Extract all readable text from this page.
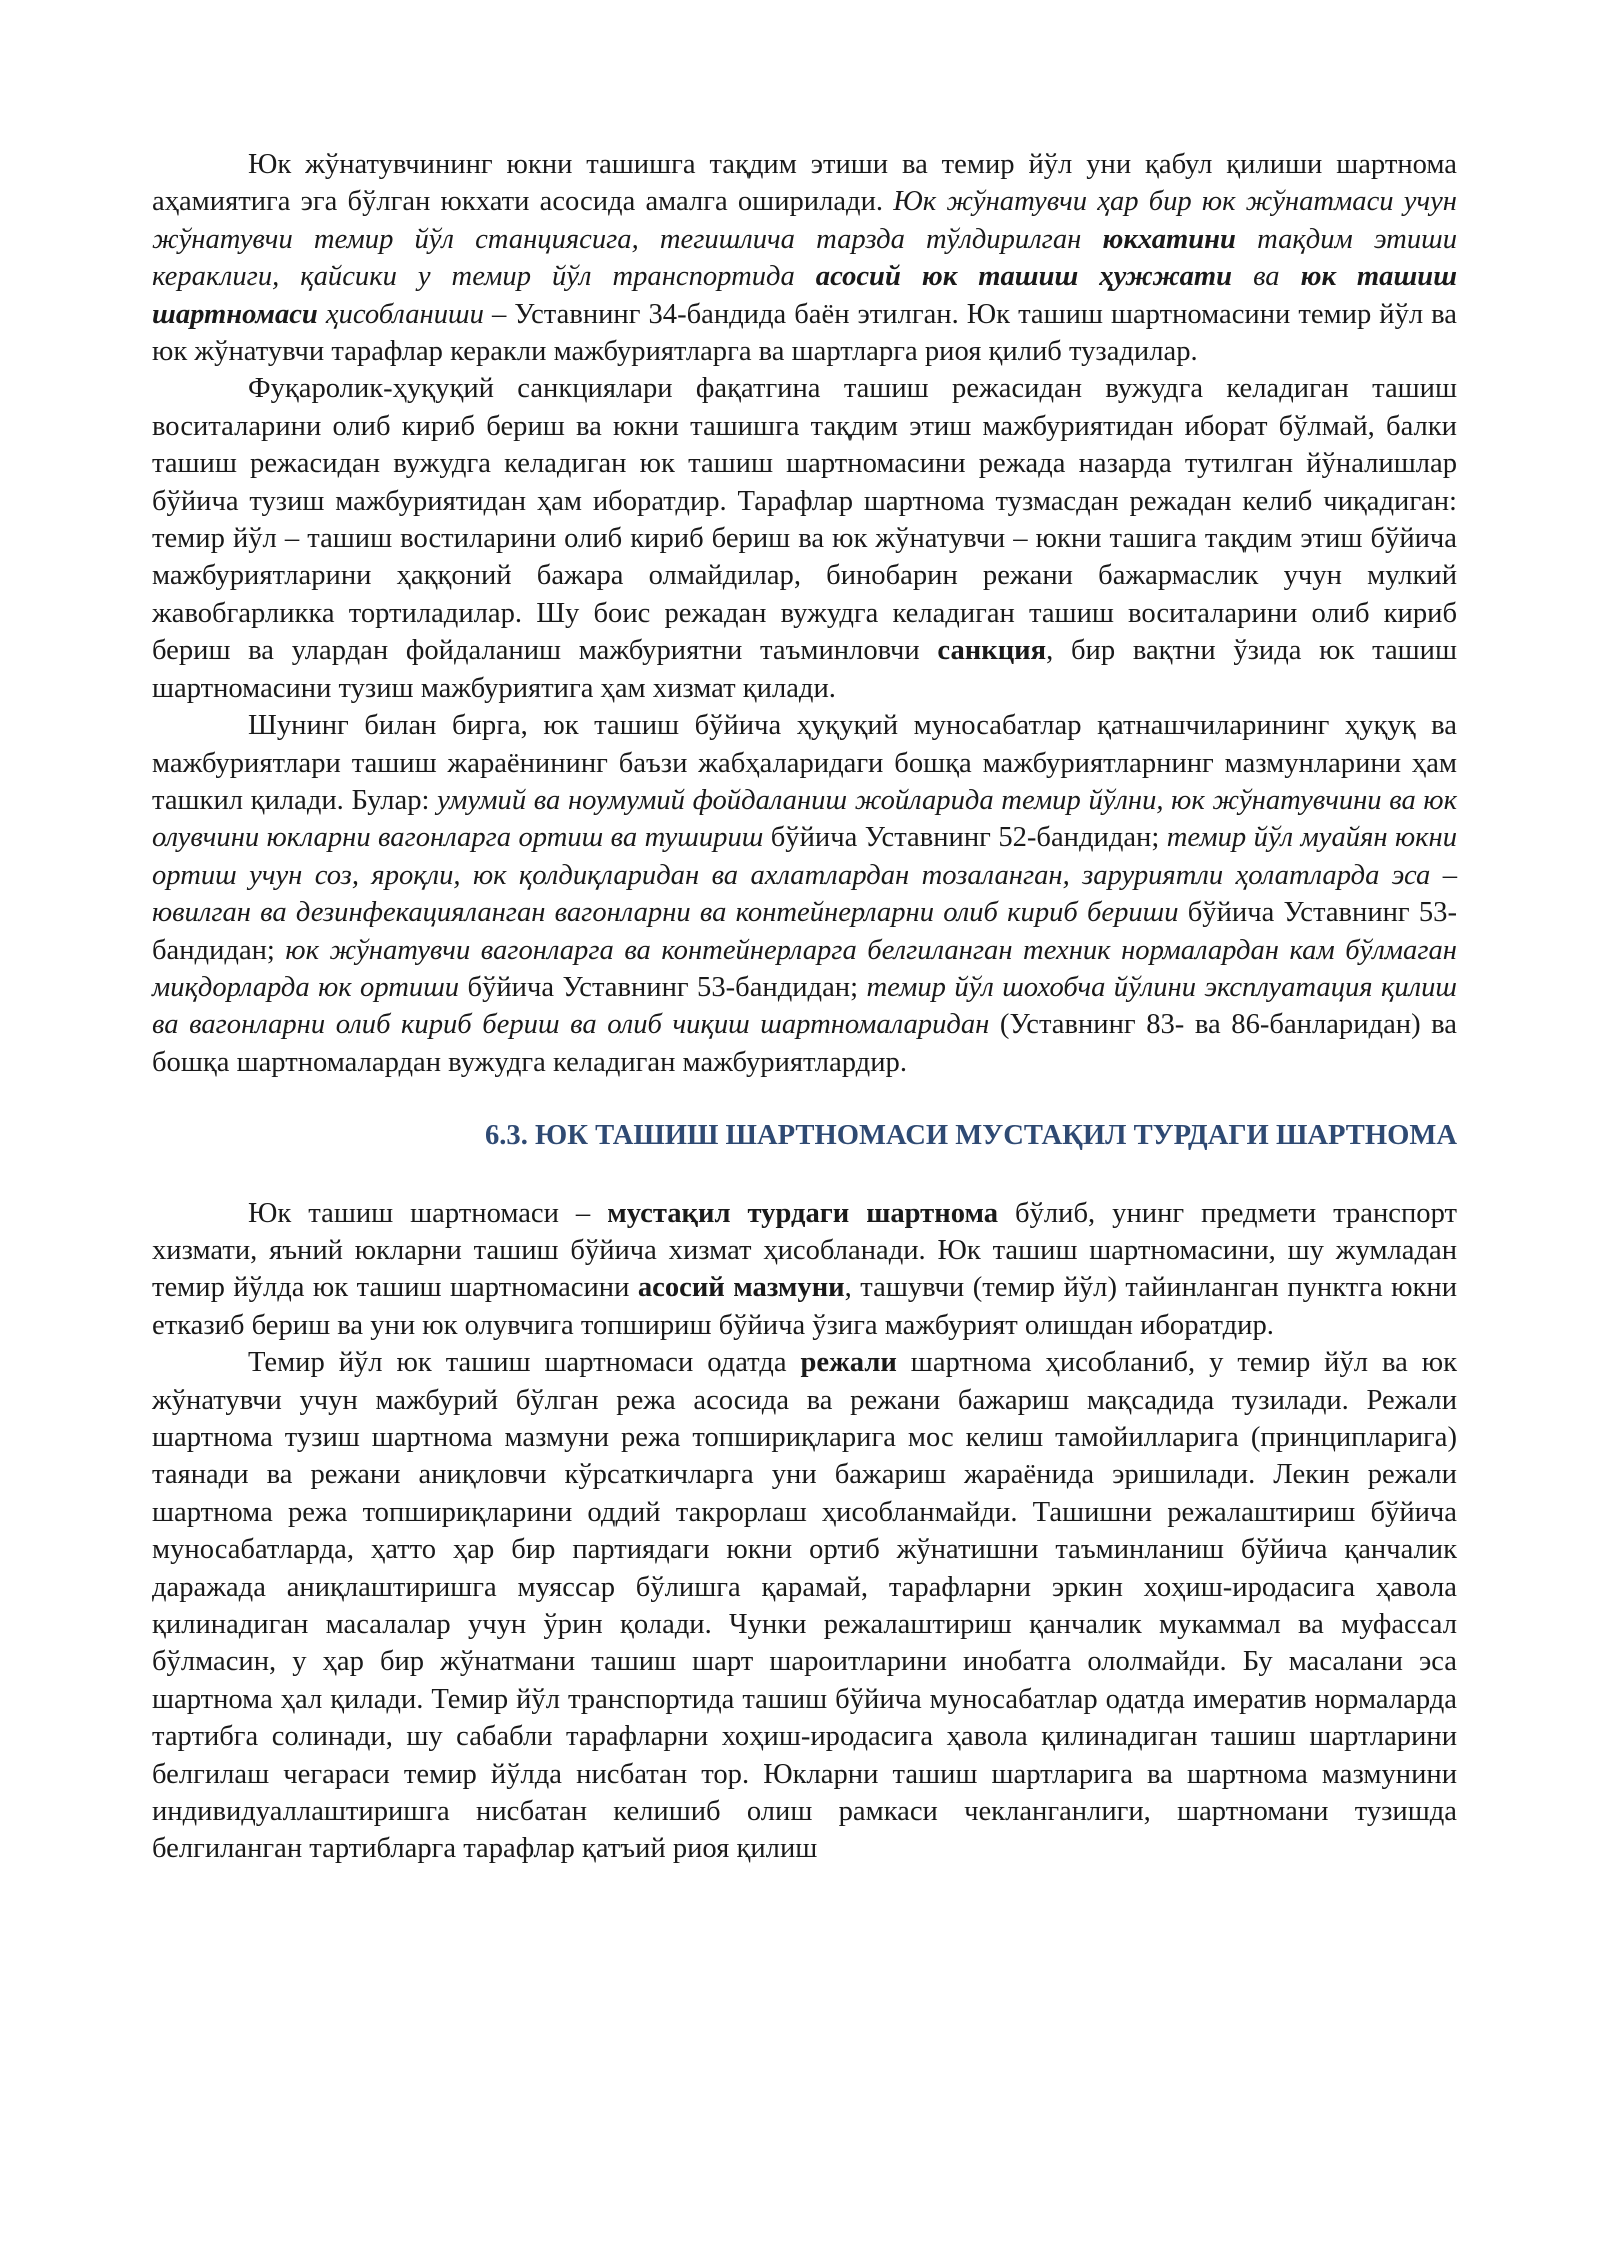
Юк жўнатувчининг юкни ташишга тақдим этиши ва темир йўл уни қабул қилиши шартнома аҳамиятига эга бўлган юкхати асосида амалга оширилади. Юк жўнатувчи ҳар бир юк жўнатмаси учун жўнатувчи темир йўл станциясига, тегишлича тарзда тўлдирилган юкхатини тақдим этиши кераклиги, қайсики у темир йўл транспортида асосий юк ташиш ҳужжати ва юк ташиш шартномаси ҳисобланиши – Уставнинг 34-бандида баён этилган. Юк ташиш шартномасини темир йўл ва юк жўнатувчи тарафлар керакли мажбуриятларга ва шартларга риоя қилиб тузадилар.

Фуқаролик-ҳуқуқий санкциялари фақатгина ташиш режасидан вужудга келадиган ташиш воситаларини олиб кириб бериш ва юкни ташишга тақдим этиш мажбуриятидан иборат бўлмай, балки ташиш режасидан вужудга келадиган юк ташиш шартномасини режада назарда тутилган йўналишлар бўйича тузиш мажбуриятидан ҳам иборатдир. Тарафлар шартнома тузмасдан режадан келиб чиқадиган: темир йўл – ташиш востиларини олиб кириб бериш ва юк жўнатувчи – юкни ташига тақдим этиш бўйича мажбуриятларини ҳаққоний бажара олмайдилар, бинобарин режани бажармаслик учун мулкий жавобгарликка тортиладилар. Шу боис режадан вужудга келадиган ташиш воситаларини олиб кириб бериш ва улардан фойдаланиш мажбуриятни таъминловчи санкция, бир вақтни ўзида юк ташиш шартномасини тузиш мажбуриятига ҳам хизмат қилади.

Шунинг билан бирга, юк ташиш бўйича ҳуқуқий муносабатлар қатнашчиларининг ҳуқуқ ва мажбуриятлари ташиш жараёнининг баъзи жабҳаларидаги бошқа мажбуриятларнинг мазмунларини ҳам ташкил қилади. Булар: умумий ва ноумумий фойдаланиш жойларида темир йўлни, юк жўнатувчини ва юк олувчини юкларни вагонларга ортиш ва тушириш бўйича Уставнинг 52-бандидан; темир йўл муайян юкни ортиш учун соз, яроқли, юк қолдиқларидан ва ахлатлардан тозаланган, заруриятли ҳолатларда эса – ювилган ва дезинфекацияланган вагонларни ва контейнерларни олиб кириб бериши бўйича Уставнинг 53-бандидан; юк жўнатувчи вагонларга ва контейнерларга белгиланган техник нормалардан кам бўлмаган миқдорларда юк ортиши бўйича Уставнинг 53-бандидан; темир йўл шохобча йўлини эксплуатация қилиш ва вагонларни олиб кириб бериш ва олиб чиқиш шартномаларидан (Уставнинг 83- ва 86-банларидан) ва бошқа шартномалардан вужудга келадиган мажбуриятлардир.

6.3. ЮК ТАШИШ ШАРТНОМАСИ МУСТАҚИЛ ТУРДАГИ ШАРТНОМА

Юк ташиш шартномаси – мустақил турдаги шартнома бўлиб, унинг предмети транспорт хизмати, яъний юкларни ташиш бўйича хизмат ҳисобланади. Юк ташиш шартномасини, шу жумладан темир йўлда юк ташиш шартномасини асосий мазмуни, ташувчи (темир йўл) тайинланган пунктга юкни етказиб бериш ва уни юк олувчига топшириш бўйича ўзига мажбурият олишдан иборатдир.

Темир йўл юк ташиш шартномаси одатда режали шартнома ҳисобланиб, у темир йўл ва юк жўнатувчи учун мажбурий бўлган режа асосида ва режани бажариш мақсадида тузилади. Режали шартнома тузиш шартнома мазмуни режа топшириқларига мос келиш тамойилларига (принципларига) таянади ва режани аниқловчи кўрсаткичларга уни бажариш жараёнида эришилади. Лекин режали шартнома режа топшириқларини оддий такрорлаш ҳисобланмайди. Ташишни режалаштириш бўйича муносабатларда, ҳатто ҳар бир партиядаги юкни ортиб жўнатишни таъминланиш бўйича қанчалик даражада аниқлаштиришга муяссар бўлишга қарамай, тарафларни эркин хоҳиш-иродасига ҳавола қилинадиган масалалар учун ўрин қолади. Чунки режалаштириш қанчалик мукаммал ва муфассал бўлмасин, у ҳар бир жўнатмани ташиш шарт шароитларини инобатга ололмайди. Бу масалани эса шартнома ҳал қилади. Темир йўл транспортида ташиш бўйича муносабатлар одатда имератив нормаларда тартибга солинади, шу сабабли тарафларни хоҳиш-иродасига ҳавола қилинадиган ташиш шартларини белгилаш чегараси темир йўлда нисбатан тор. Юкларни ташиш шартларига ва шартнома мазмунини индивидуаллаштиришга нисбатан келишиб олиш рамкаси чекланганлиги, шартномани тузишда белгиланган тартибларга тарафлар қатъий риоя қилиш
